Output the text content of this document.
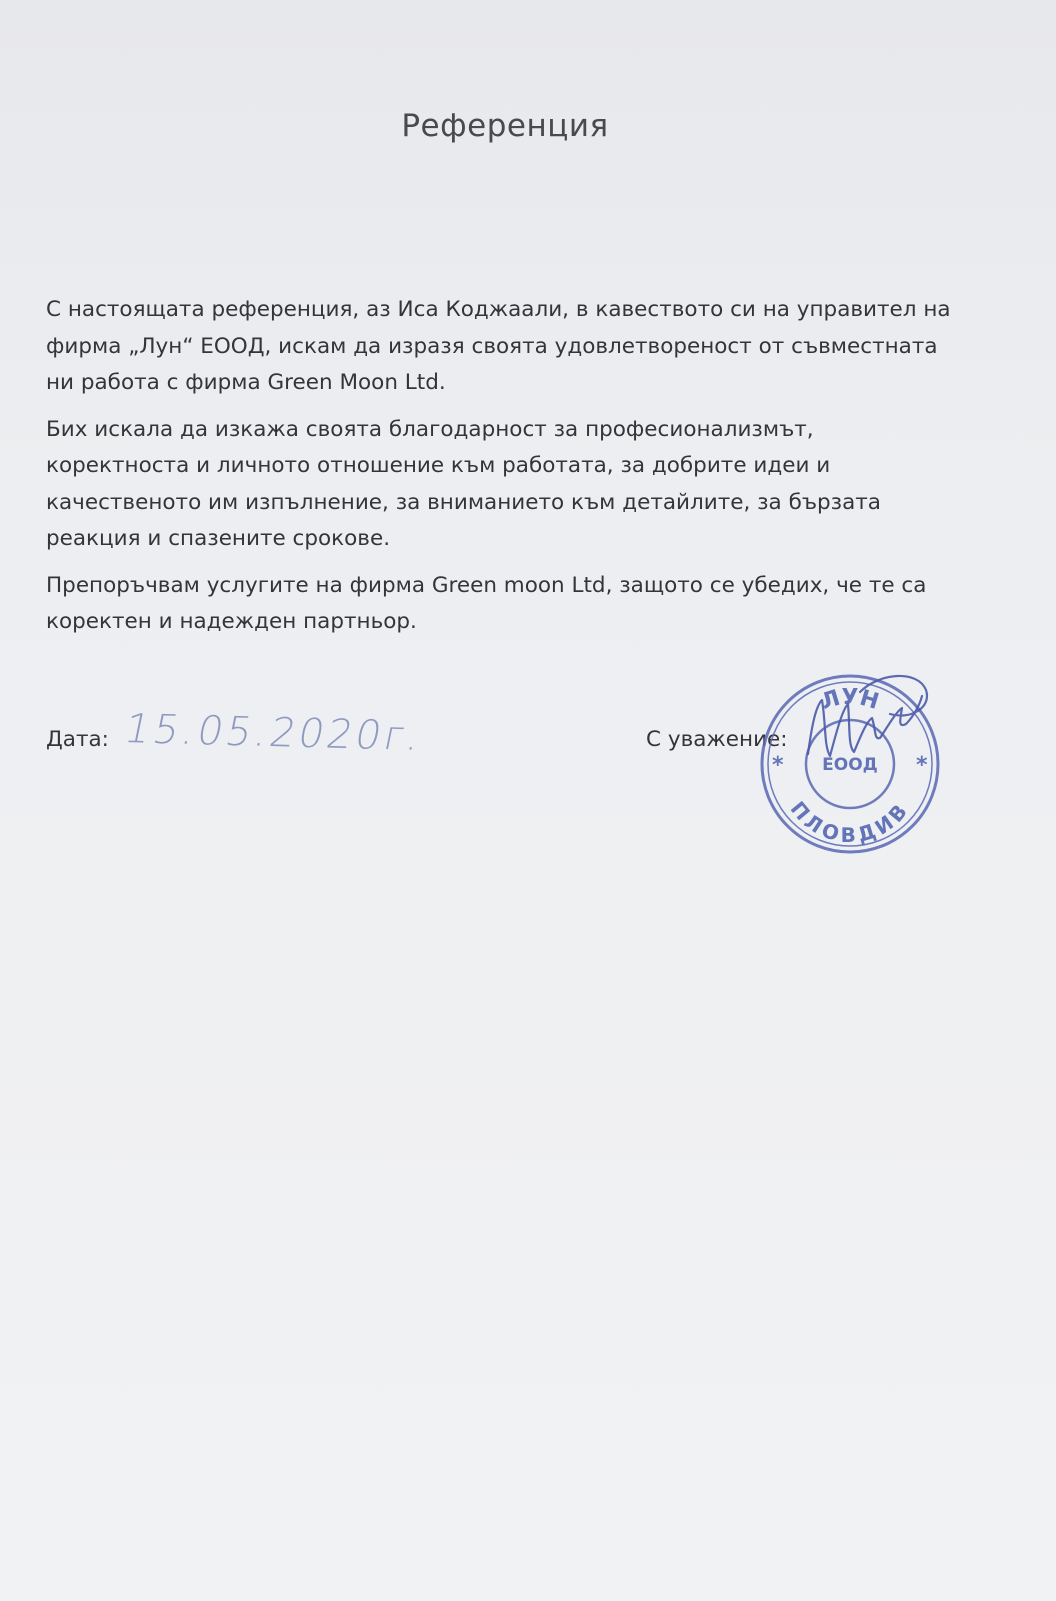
Референция

С настоящата референция, аз Иса Коджаали, в кавеството си на управител на
фирма „Лун“ ЕООД, искам да изразя своята удовлетвореност от съвместната
ни работа с фирма Green Moon Ltd.

Бих искала да изкажа своята благодарност за професионализмът,
коректноста и личното отношение към работата, за добрите идеи и
качественото им изпълнение, за вниманието към детайлите, за бързата
реакция и спазените срокове.

Препоръчвам услугите на фирма Green moon Ltd, защото се убедих, че те са
коректен и надежден партньор.

Дата: 15.05.2020г.	С уважение:
ЛУН
ЕООД
ПЛОВДИВ
*	*
